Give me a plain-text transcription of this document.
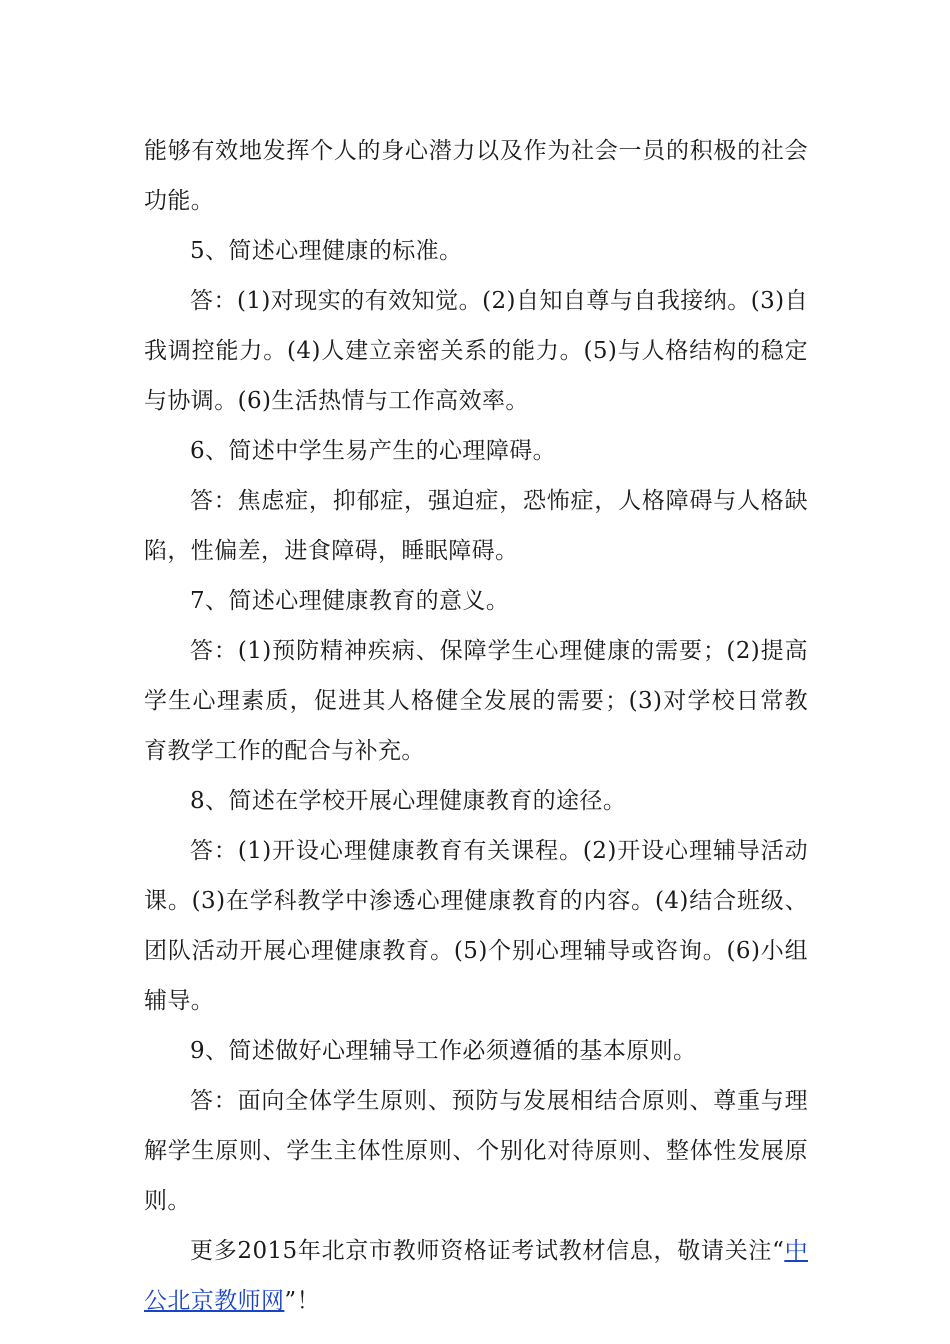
能够有效地发挥个人的身心潜力以及作为社会一员的积极的社会功能。

5、简述心理健康的标准。

答：(1)对现实的有效知觉。(2)自知自尊与自我接纳。(3)自我调控能力。(4)人建立亲密关系的能力。(5)与人格结构的稳定与协调。(6)生活热情与工作高效率。

6、简述中学生易产生的心理障碍。

答：焦虑症，抑郁症，强迫症，恐怖症，人格障碍与人格缺陷，性偏差，进食障碍，睡眠障碍。

7、简述心理健康教育的意义。

答：(1)预防精神疾病、保障学生心理健康的需要；(2)提高学生心理素质，促进其人格健全发展的需要；(3)对学校日常教育教学工作的配合与补充。

8、简述在学校开展心理健康教育的途径。

答：(1)开设心理健康教育有关课程。(2)开设心理辅导活动课。(3)在学科教学中渗透心理健康教育的内容。(4)结合班级、团队活动开展心理健康教育。(5)个别心理辅导或咨询。(6)小组辅导。

9、简述做好心理辅导工作必须遵循的基本原则。

答：面向全体学生原则、预防与发展相结合原则、尊重与理解学生原则、学生主体性原则、个别化对待原则、整体性发展原则。

更多2015年北京市教师资格证考试教材信息，敬请关注“中公北京教师网”！
